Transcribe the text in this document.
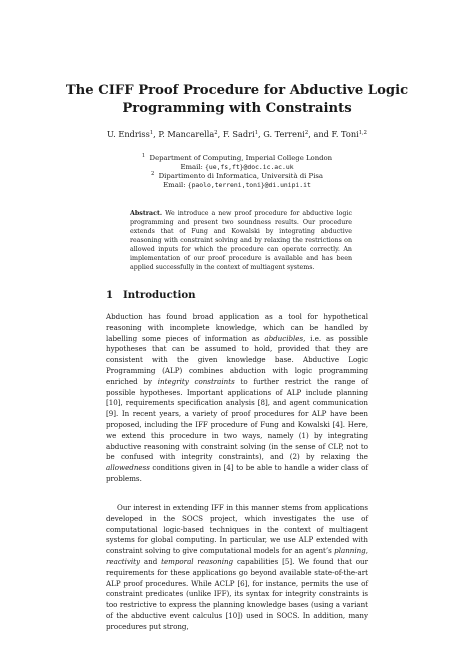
The CIFF Proof Procedure for Abductive Logic
Programming with Constraints
U. Endriss$^1$, P. Mancarella$^2$, F. Sadri$^1$, G. Terreni$^2$, and F. Toni$^{1,2}$
$^1$ Department of Computing, Imperial College London
Email: {ue,fs,ft}@doc.ic.ac.uk
$^2$ Dipartimento di Informatica, Università di Pisa
Email: {paolo,terreni,toni}@di.unipi.it

Abstract. We introduce a new proof procedure for abductive logic programming and present two soundness results. Our procedure extends that of Fung and Kowalski by integrating abductive reasoning with constraint solving and by relaxing the restrictions on allowed inputs for which the procedure can operate correctly. An implementation of our proof procedure is available and has been applied successfully in the context of multiagent systems.

1 Introduction

Abduction has found broad application as a tool for hypothetical reasoning with incomplete knowledge, which can be handled by labelling some pieces of information as abducibles, i.e. as possible hypotheses that can be assumed to hold, provided that they are consistent with the given knowledge base. Abductive Logic Programming (ALP) combines abduction with logic programming enriched by integrity constraints to further restrict the range of possible hypotheses. Important applications of ALP include planning [10], requirements specification analysis [8], and agent communication [9]. In recent years, a variety of proof procedures for ALP have been proposed, including the IFF procedure of Fung and Kowalski [4]. Here, we extend this procedure in two ways, namely (1) by integrating abductive reasoning with constraint solving (in the sense of CLP, not to be confused with integrity constraints), and (2) by relaxing the allowedness conditions given in [4] to be able to handle a wider class of problems.

Our interest in extending IFF in this manner stems from applications developed in the SOCS project, which investigates the use of computational logic-based techniques in the context of multiagent systems for global computing. In particular, we use ALP extended with constraint solving to give computational models for an agent’s planning, reactivity and temporal reasoning capabilities [5]. We found that our requirements for these applications go beyond available state-of-the-art ALP proof procedures. While ACLP [6], for instance, permits the use of constraint predicates (unlike IFF), its syntax for integrity constraints is too restrictive to express the planning knowledge bases (using a variant of the abductive event calculus [10]) used in SOCS. In addition, many procedures put strong,
